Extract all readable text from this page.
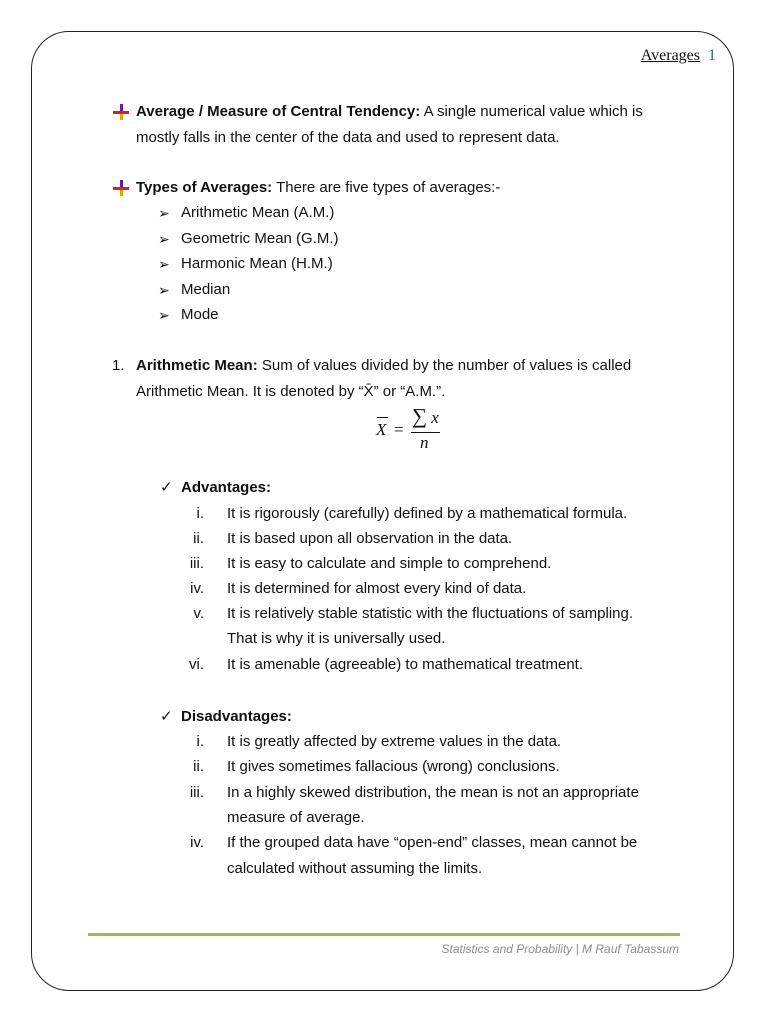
Averages 1
Average / Measure of Central Tendency: A single numerical value which is
mostly falls in the center of the data and used to represent data.
Types of Averages: There are five types of averages:-
➢ Arithmetic Mean (A.M.)
➢ Geometric Mean (G.M.)
➢ Harmonic Mean (H.M.)
➢ Median
➢ Mode
1. Arithmetic Mean: Sum of values divided by the number of values is called
Arithmetic Mean. It is denoted by “X̄” or “A.M.”.
X =
∑ x
n
✓ Advantages:
i. It is rigorously (carefully) defined by a mathematical formula.
ii. It is based upon all observation in the data.
iii. It is easy to calculate and simple to comprehend.
iv. It is determined for almost every kind of data.
v. It is relatively stable statistic with the fluctuations of sampling.
That is why it is universally used.
vi. It is amenable (agreeable) to mathematical treatment.
✓ Disadvantages:
i. It is greatly affected by extreme values in the data.
ii. It gives sometimes fallacious (wrong) conclusions.
iii. In a highly skewed distribution, the mean is not an appropriate
measure of average.
iv. If the grouped data have “open-end” classes, mean cannot be
calculated without assuming the limits.
Statistics and Probability | M Rauf Tabassum
